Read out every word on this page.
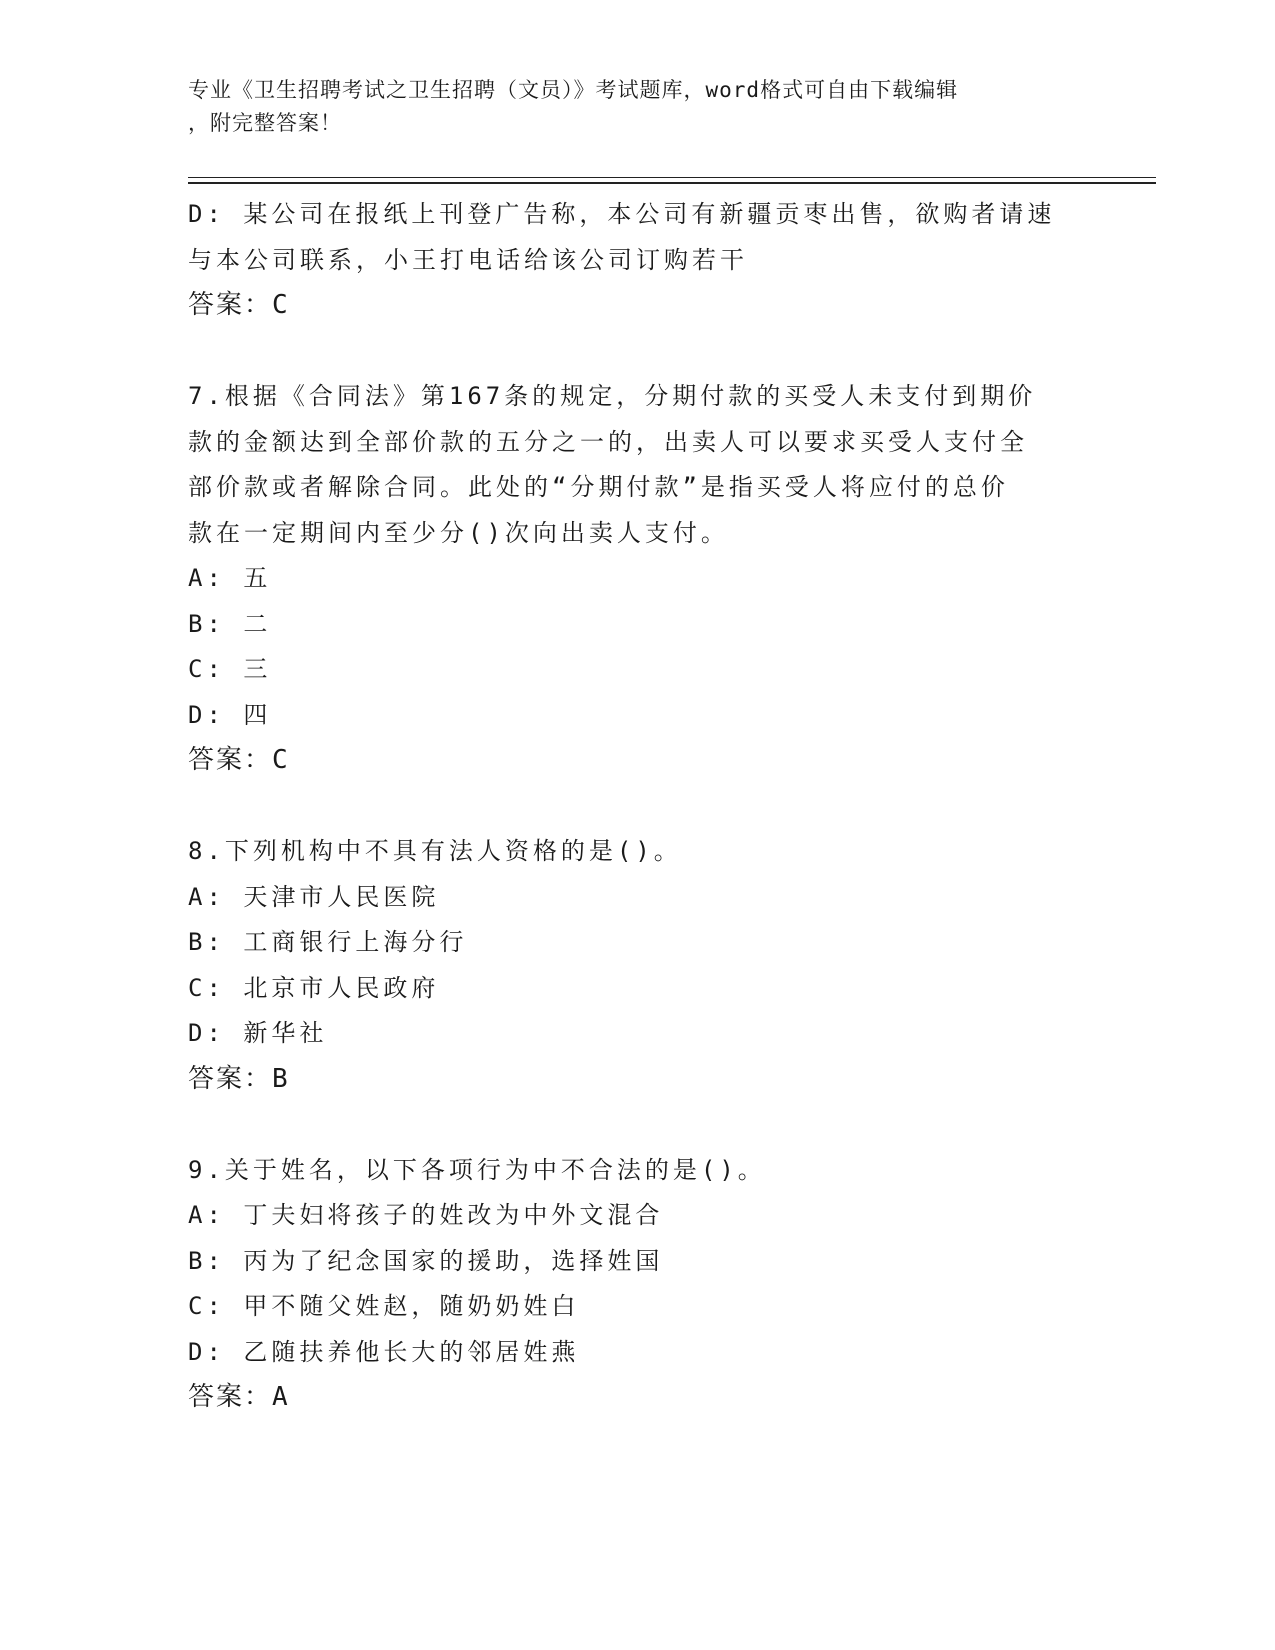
专业《卫生招聘考试之卫生招聘（文员）》考试题库，word格式可自由下载编辑
，附完整答案！
D: 某公司在报纸上刊登广告称，本公司有新疆贡枣出售，欲购者请速
与本公司联系，小王打电话给该公司订购若干
答案：C
7.根据《合同法》第167条的规定，分期付款的买受人未支付到期价
款的金额达到全部价款的五分之一的，出卖人可以要求买受人支付全
部价款或者解除合同。此处的“分期付款”是指买受人将应付的总价
款在一定期间内至少分()次向出卖人支付。
A: 五
B: 二
C: 三
D: 四
答案：C
8.下列机构中不具有法人资格的是()。
A: 天津市人民医院
B: 工商银行上海分行
C: 北京市人民政府
D: 新华社
答案：B
9.关于姓名，以下各项行为中不合法的是()。
A: 丁夫妇将孩子的姓改为中外文混合
B: 丙为了纪念国家的援助，选择姓国
C: 甲不随父姓赵，随奶奶姓白
D: 乙随扶养他长大的邻居姓燕
答案：A
